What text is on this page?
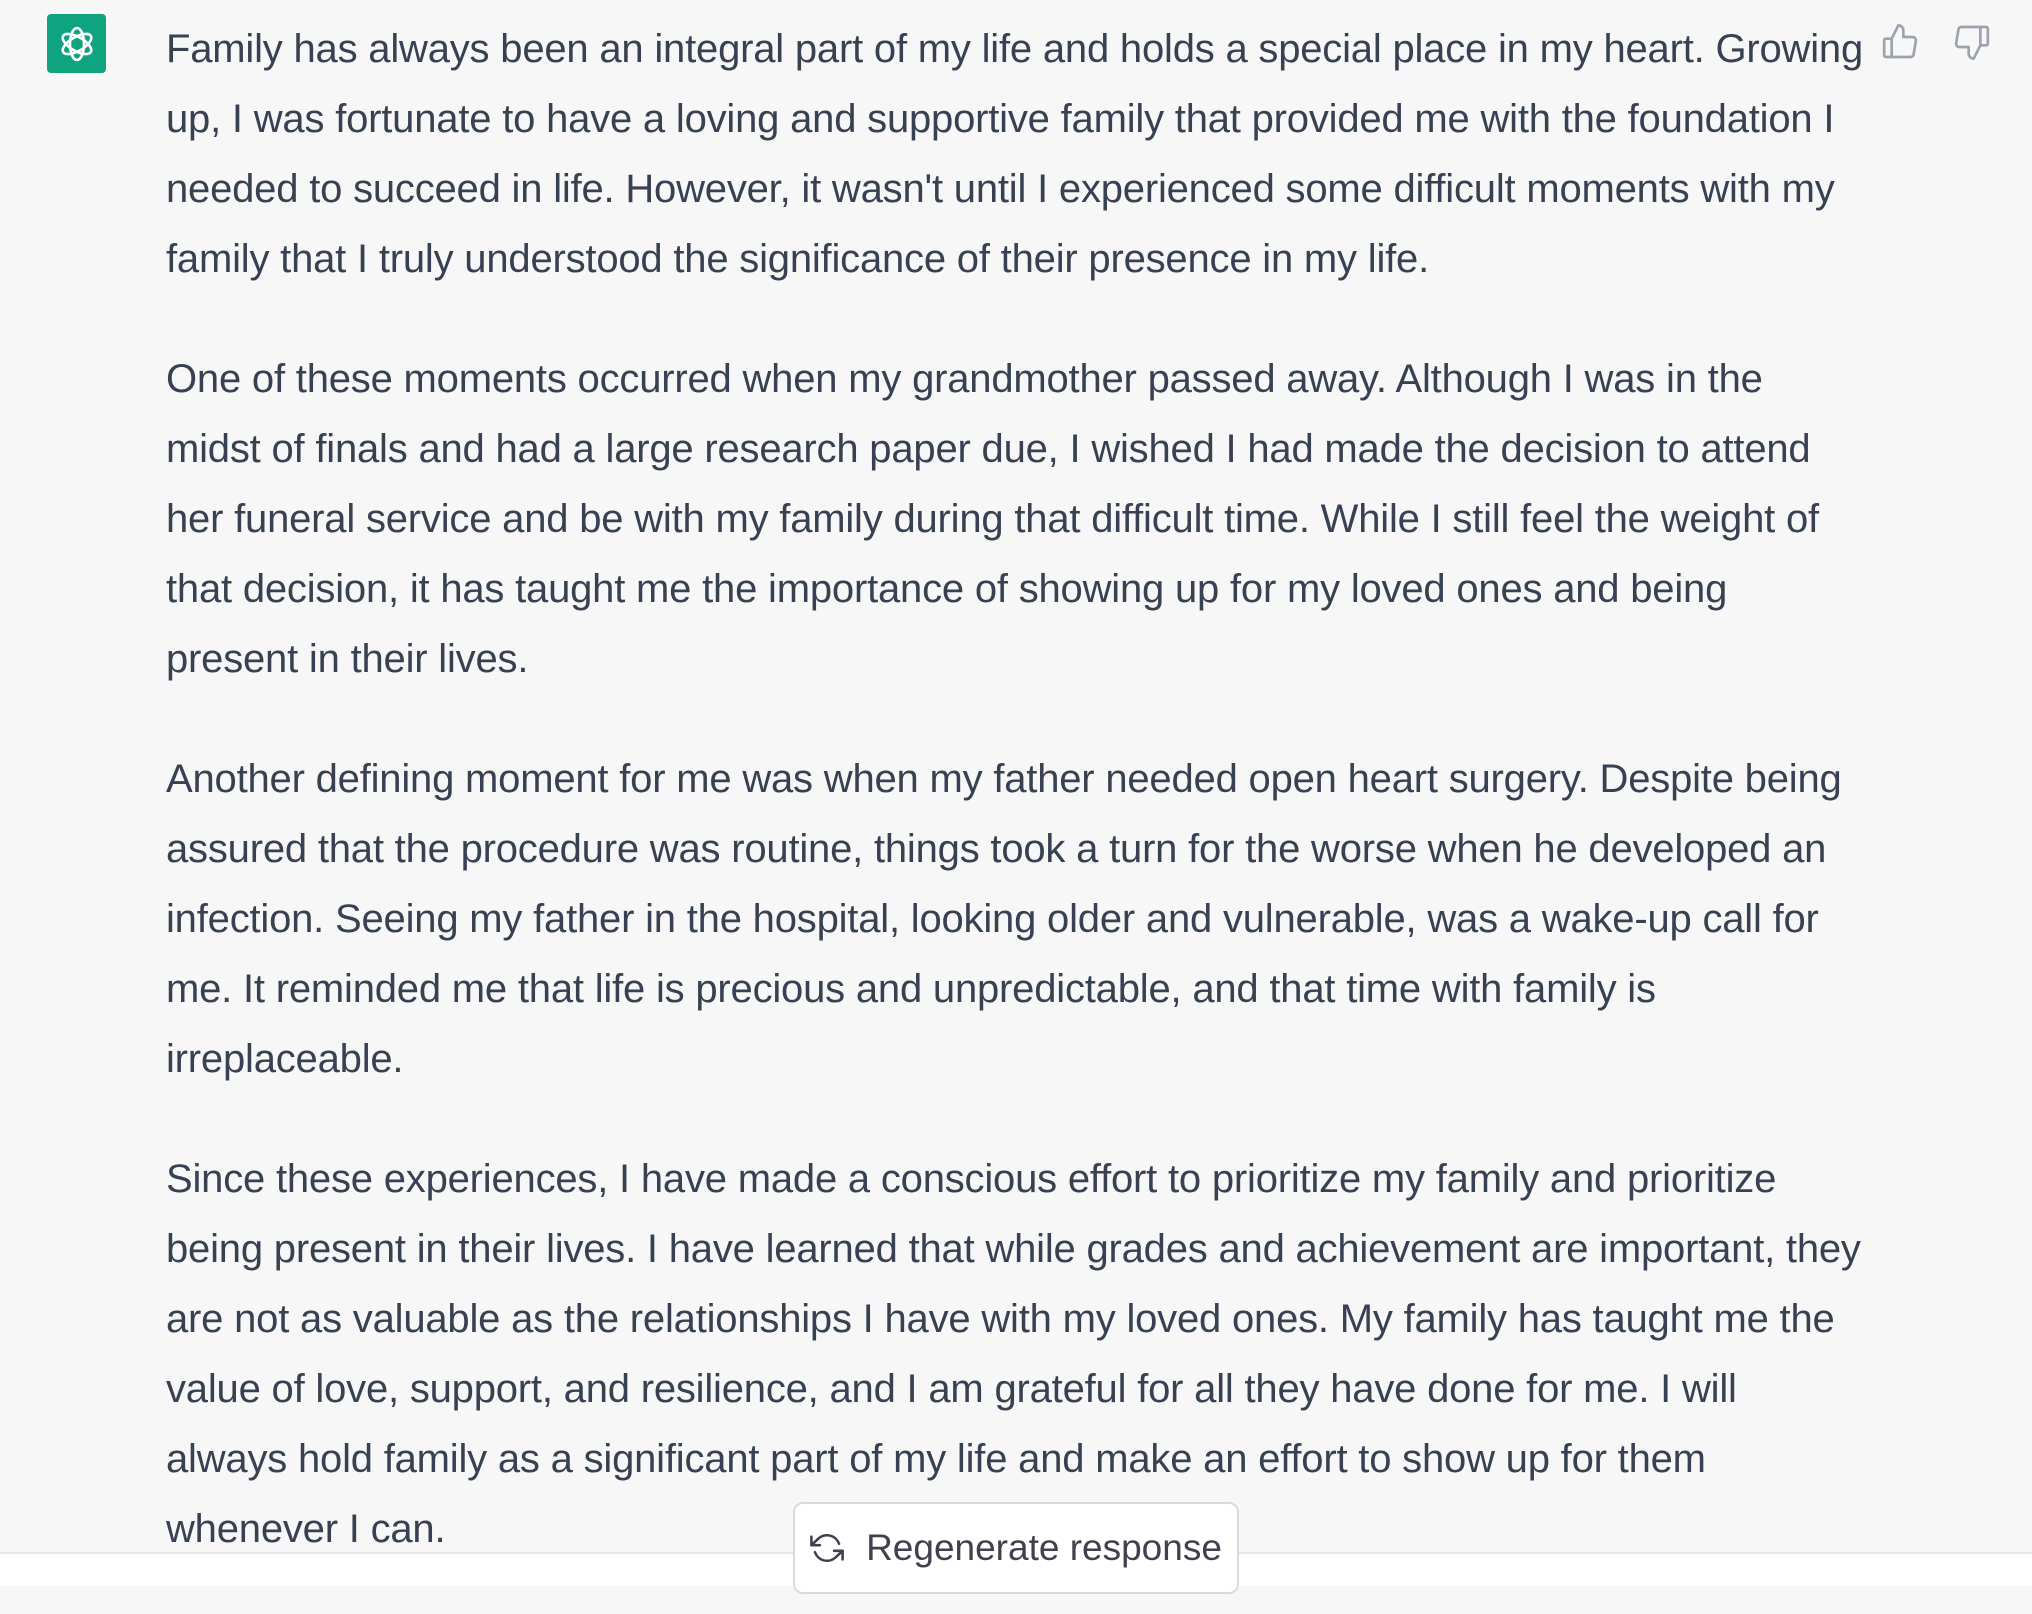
Family has always been an integral part of my life and holds a special place in my heart. Growing up, I was fortunate to have a loving and supportive family that provided me with the foundation I needed to succeed in life. However, it wasn't until I experienced some difficult moments with my family that I truly understood the significance of their presence in my life.

One of these moments occurred when my grandmother passed away. Although I was in the midst of finals and had a large research paper due, I wished I had made the decision to attend her funeral service and be with my family during that difficult time. While I still feel the weight of that decision, it has taught me the importance of showing up for my loved ones and being present in their lives.

Another defining moment for me was when my father needed open heart surgery. Despite being assured that the procedure was routine, things took a turn for the worse when he developed an infection. Seeing my father in the hospital, looking older and vulnerable, was a wake-up call for me. It reminded me that life is precious and unpredictable, and that time with family is irreplaceable.

Since these experiences, I have made a conscious effort to prioritize my family and prioritize being present in their lives. I have learned that while grades and achievement are important, they are not as valuable as the relationships I have with my loved ones. My family has taught me the value of love, support, and resilience, and I am grateful for all they have done for me. I will always hold family as a significant part of my life and make an effort to show up for them whenever I can.	Regenerate response
